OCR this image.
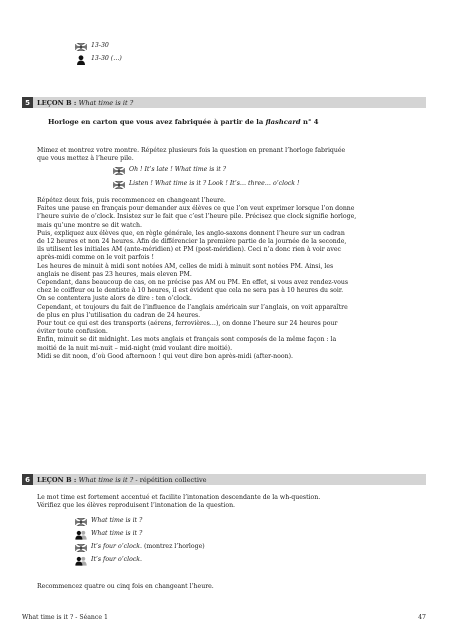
13-30
13-30 (…)
5	LEÇON B : What time is it ?

Horloge en carton que vous avez fabriquée à partir de la flashcard n° 4

Mimez et montrez votre montre. Répétez plusieurs fois la question en prenant l’horloge fabriquée

que vous mettez à l’heure pile.

Oh ! It’s late ! What time is it ?
Listen ! What time is it ? Look ! It’s… three… o’clock !

Répétez deux fois, puis recommencez en changeant l’heure.

Faites une pause en français pour demander aux élèves ce que l’on veut exprimer lorsque l’on donne

l’heure suivie de o’clock. Insistez sur le fait que c’est l’heure pile. Précisez que clock signifie horloge,

mais qu’une montre se dit watch.

Puis, expliquez aux élèves que, en règle générale, les anglo-saxons donnent l’heure sur un cadran

de 12 heures et non 24 heures. Afin de différencier la première partie de la journée de la seconde,

ils utilisent les initiales AM (ante-méridien) et PM (post-méridien). Ceci n’a donc rien à voir avec

après-midi comme on le voit parfois !

Les heures de minuit à midi sont notées AM, celles de midi à minuit sont notées PM. Ainsi, les

anglais ne disent pas 23 heures, mais eleven PM.

Cependant, dans beaucoup de cas, on ne précise pas AM ou PM. En effet, si vous avez rendez-vous

chez le coiffeur ou le dentiste à 10 heures, il est évident que cela ne sera pas à 10 heures du soir.

On se contentera juste alors de dire : ten o’clock.

Cependant, et toujours du fait de l’influence de l’anglais américain sur l’anglais, on voit apparaître

de plus en plus l’utilisation du cadran de 24 heures.

Pour tout ce qui est des transports (aérens, ferrovières…), on donne l’heure sur 24 heures pour

éviter toute confusion.

Enfin, minuit se dit midnight. Les mots anglais et français sont composés de la même façon : la

moitié de la nuit mi-nuit – mid-night (mid voulant dire moitié).

Midi se dit noon, d’où Good afternoon ! qui veut dire bon après-midi (after-noon).

6	LEÇON B : What time is it ? - répétition collective

Le mot time est fortement accentué et facilite l’intonation descendante de la wh-question.

Vérifiez que les élèves reproduisent l’intonation de la question.

What time is it ?
What time is it ?
It’s four o’clock. (montrez l’horloge)
It’s four o’clock.

Recommencez quatre ou cinq fois en changeant l’heure.

What time is it ? - Séance 1	47
